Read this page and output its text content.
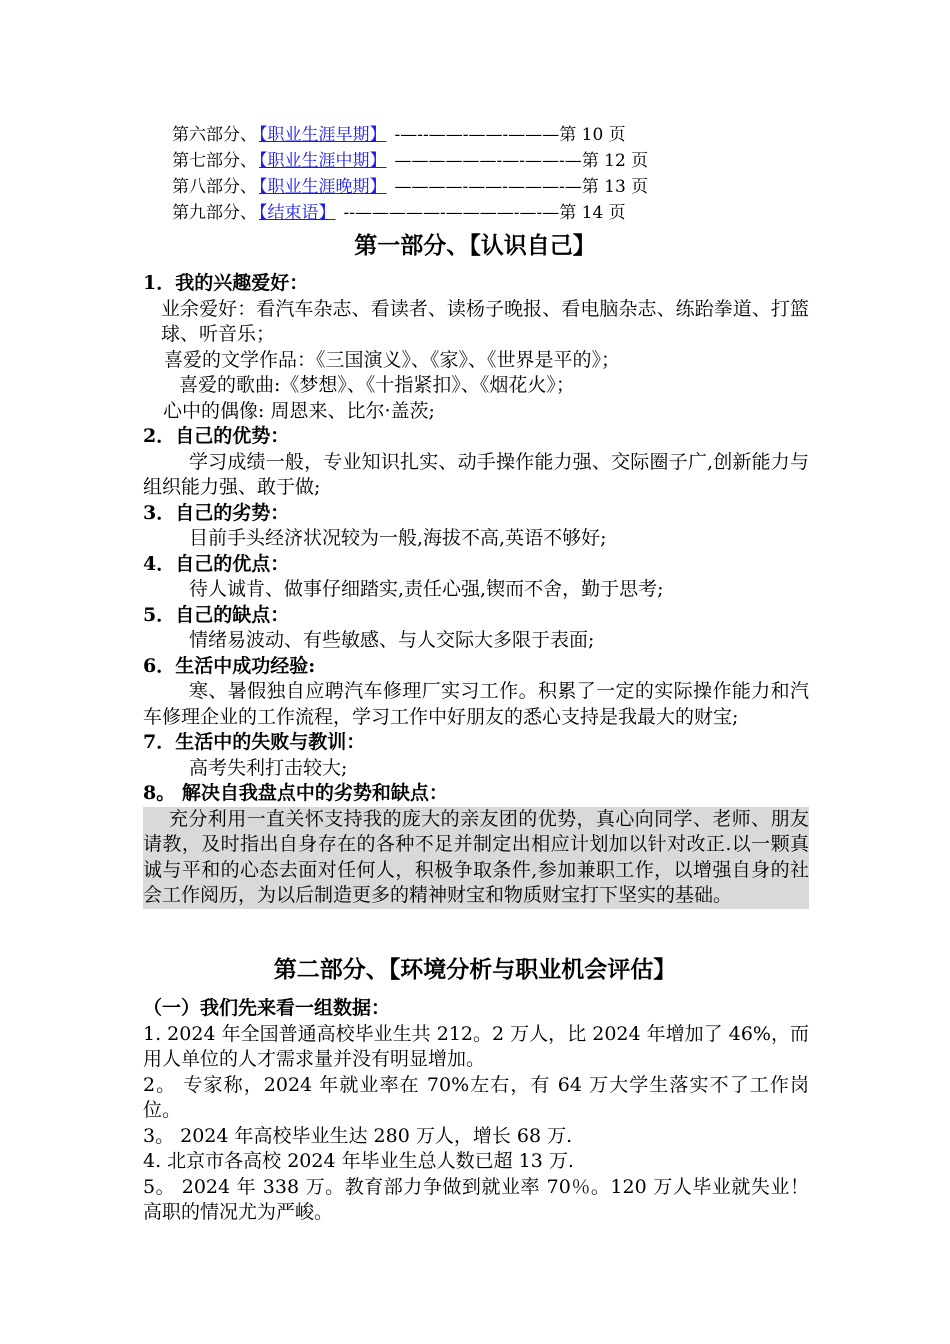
第六部分、 【职业生涯早期】 -—--——-——-———第 10 页
第七部分、 【职业生涯中期】 ——————-—-——-—第 12 页
第八部分、 【职业生涯晚期】 ————-——-———-—第 13 页
第九部分、 【结束语】 --—————-————-—-—第 14 页
第一部分、【认识自己】
1．我的兴趣爱好：
业余爱好：看汽车杂志、看读者、读杨子晚报、看电脑杂志、练跆拳道、打篮球、听音乐；
喜爱的文学作品：《三国演义》、《家》、《世界是平的》；
喜爱的歌曲:《梦想》、《十指紧扣》、《烟花火》；
心中的偶像: 周恩来、比尔·盖茨;
2．自己的优势：
学习成绩一般，专业知识扎实、动手操作能力强、交际圈子广,创新能力与组织能力强、敢于做;
3．自己的劣势：
目前手头经济状况较为一般,海拔不高,英语不够好;
4．自己的优点：
待人诚肯、做事仔细踏实,责任心强,锲而不舍，勤于思考;
5．自己的缺点：
情绪易波动、有些敏感、与人交际大多限于表面;
6．生活中成功经验:
寒、暑假独自应聘汽车修理厂实习工作。积累了一定的实际操作能力和汽车修理企业的工作流程，学习工作中好朋友的悉心支持是我最大的财宝;
7．生活中的失败与教训：
高考失利打击较大;
8。 解决自我盘点中的劣势和缺点：
充分利用一直关怀支持我的庞大的亲友团的优势，真心向同学、老师、朋友请教，及时指出自身存在的各种不足并制定出相应计划加以针对改正.以一颗真诚与平和的心态去面对任何人，积极争取条件,参加兼职工作，以增强自身的社会工作阅历，为以后制造更多的精神财宝和物质财宝打下坚实的基础。
第二部分、【环境分析与职业机会评估】
（一）我们先来看一组数据：
1. 2024 年全国普通高校毕业生共 212。2 万人，比 2024 年增加了 46%，而用人单位的人才需求量并没有明显增加。
2。 专家称，2024 年就业率在 70%左右，有 64 万大学生落实不了工作岗位。
3。 2024 年高校毕业生达 280 万人，增长 68 万.
4. 北京市各高校 2024 年毕业生总人数已超 13 万.
5。 2024 年 338 万。教育部力争做到就业率 70％。120 万人毕业就失业！高职的情况尤为严峻。
